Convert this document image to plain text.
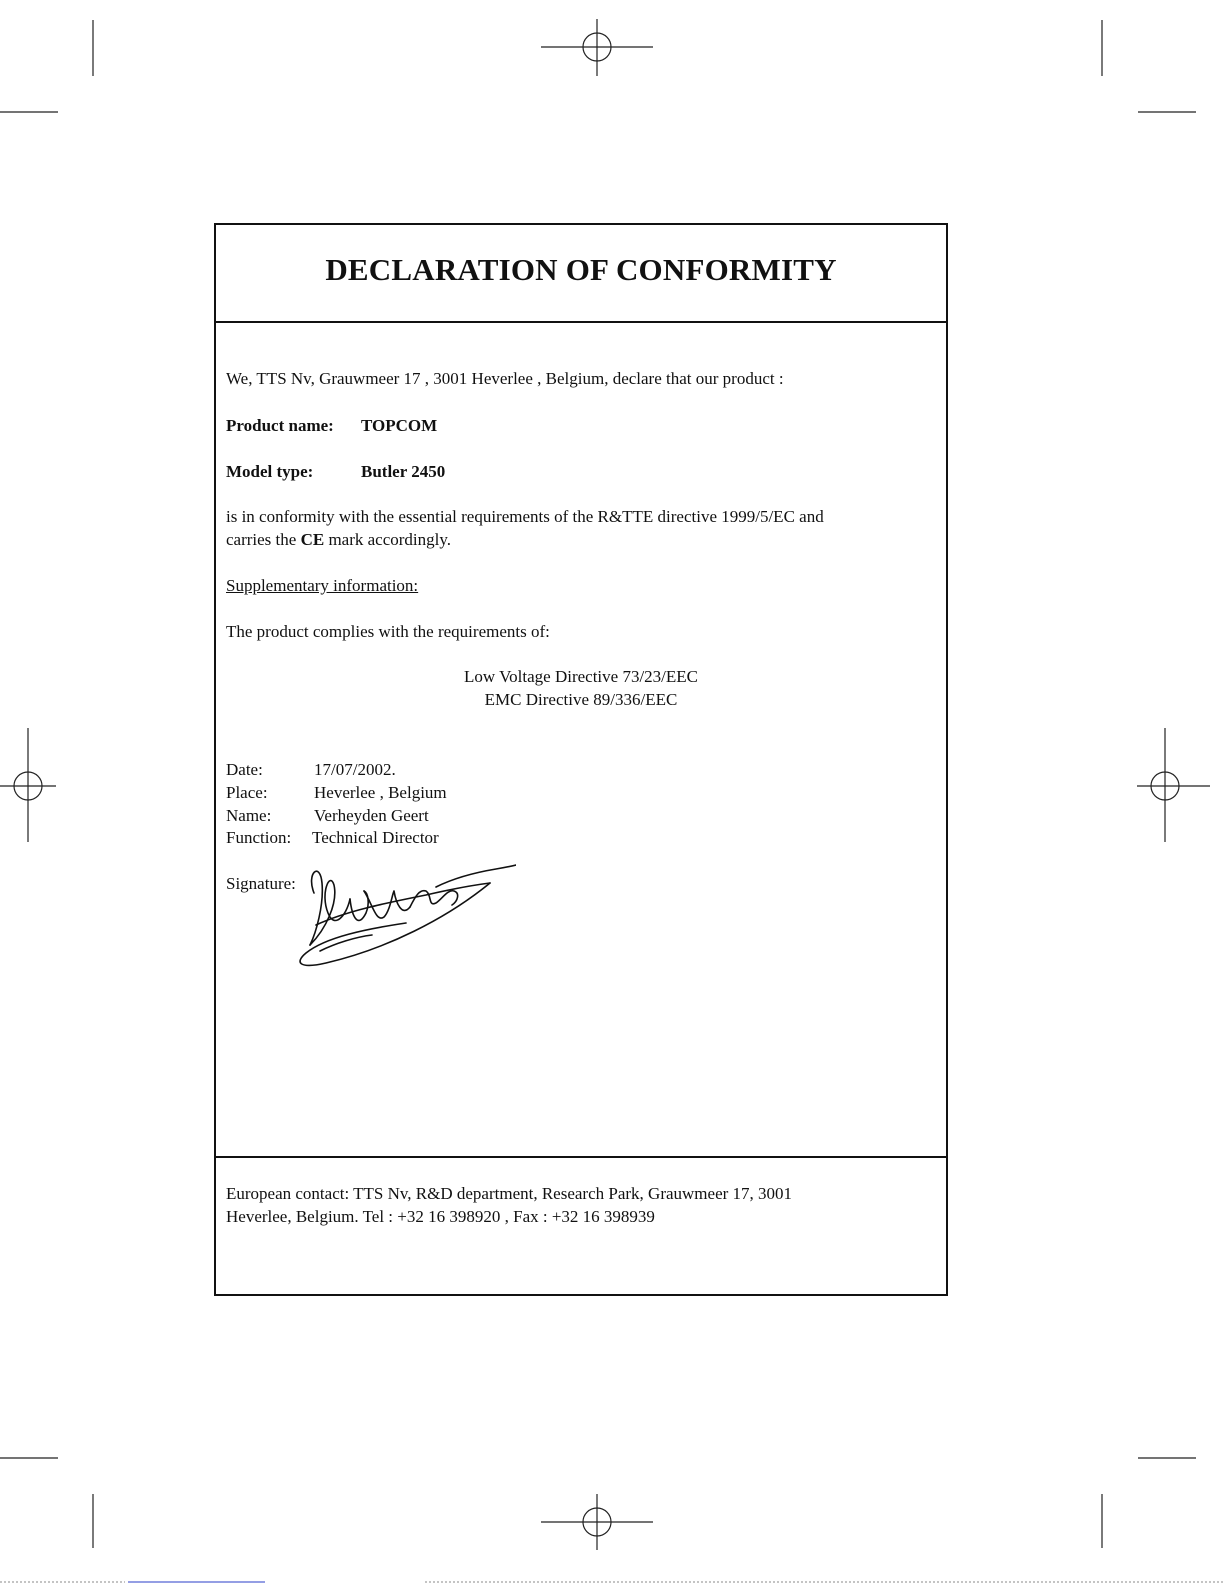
DECLARATION OF CONFORMITY
We, TTS Nv, Grauwmeer 17 , 3001 Heverlee , Belgium, declare that our product :
Product name: TOPCOM
Model type:	Butler 2450
is in conformity with the essential requirements of the R&TTE directive 1999/5/EC and
carries the CE mark accordingly.
Supplementary information:
The product complies with the requirements of:
Low Voltage Directive 73/23/EEC
EMC Directive 89/336/EEC
Date:	17/07/2002.
Place:	Heverlee , Belgium
Name:	Verheyden Geert
Function: Technical Director
Signature:
European contact: TTS Nv, R&D department, Research Park, Grauwmeer 17, 3001
Heverlee, Belgium. Tel : +32 16 398920 , Fax : +32 16 398939
